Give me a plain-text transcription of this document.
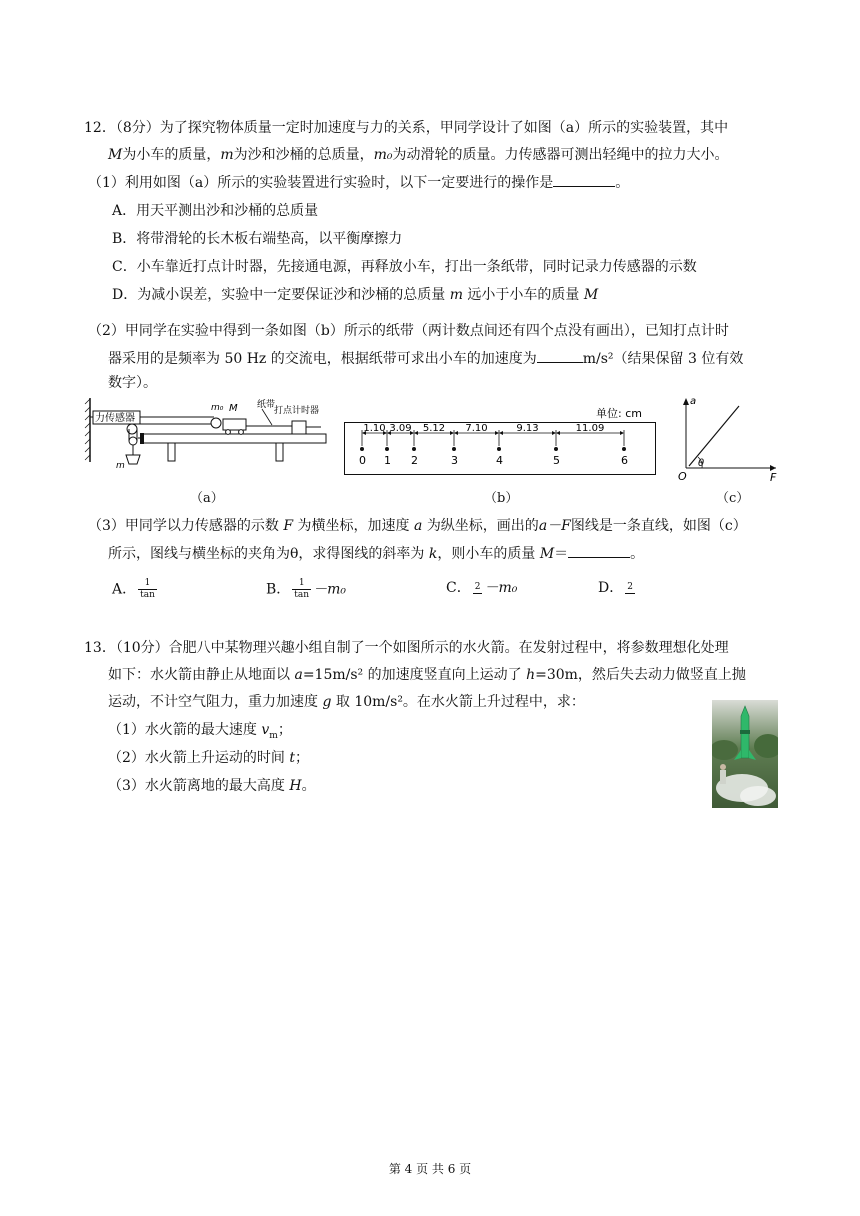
12．（8分）为了探究物体质量一定时加速度与力的关系，甲同学设计了如图（a）所示的实验装置，其中
M为小车的质量，m为沙和沙桶的总质量，m₀为动滑轮的质量。力传感器可测出轻绳中的拉力大小。
（1）利用如图（a）所示的实验装置进行实验时，以下一定要进行的操作是	。
A．用天平测出沙和沙桶的总质量
B．将带滑轮的长木板右端垫高，以平衡摩擦力
C．小车靠近打点计时器，先接通电源，再释放小车，打出一条纸带，同时记录力传感器的示数
D．为减小误差，实验中一定要保证沙和沙桶的总质量 m 远小于小车的质量 M
（2）甲同学在实验中得到一条如图（b）所示的纸带（两计数点间还有四个点没有画出），已知打点计时
器采用的是频率为 50 Hz 的交流电，根据纸带可求出小车的加速度为	m/s²（结果保留 3 位有效
数字）。
力传感器
m
m₀ M 纸带
打点计时器
（a）
单位: cm
0 1 2	3	4	5	6
1.10 3.09 5.12 7.10	9.13	11.09
（b）
a
F
O
θ
（c）
（3）甲同学以力传感器的示数 F 为横坐标，加速度 a 为纵坐标，画出的a－F图线是一条直线，如图（c）
所示，图线与横坐标的夹角为θ，求得图线的斜率为 k，则小车的质量 M＝	。
A． $\frac{1}{\tan}$	B． $\frac{1}{\tan} -m_0$	C． 2 －m₀	D． 2
13．（10分）合肥八中某物理兴趣小组自制了一个如图所示的水火箭。在发射过程中，将参数理想化处理
如下：水火箭由静止从地面以 a=15m/s² 的加速度竖直向上运动了 h=30m，然后失去动力做竖直上抛
运动，不计空气阻力，重力加速度 g 取 10m/s²。在水火箭上升过程中，求：
（1）水火箭的最大速度 $v_m$；
（2）水火箭上升运动的时间 t；
（3）水火箭离地的最大高度 H。
第 4 页 共 6 页
